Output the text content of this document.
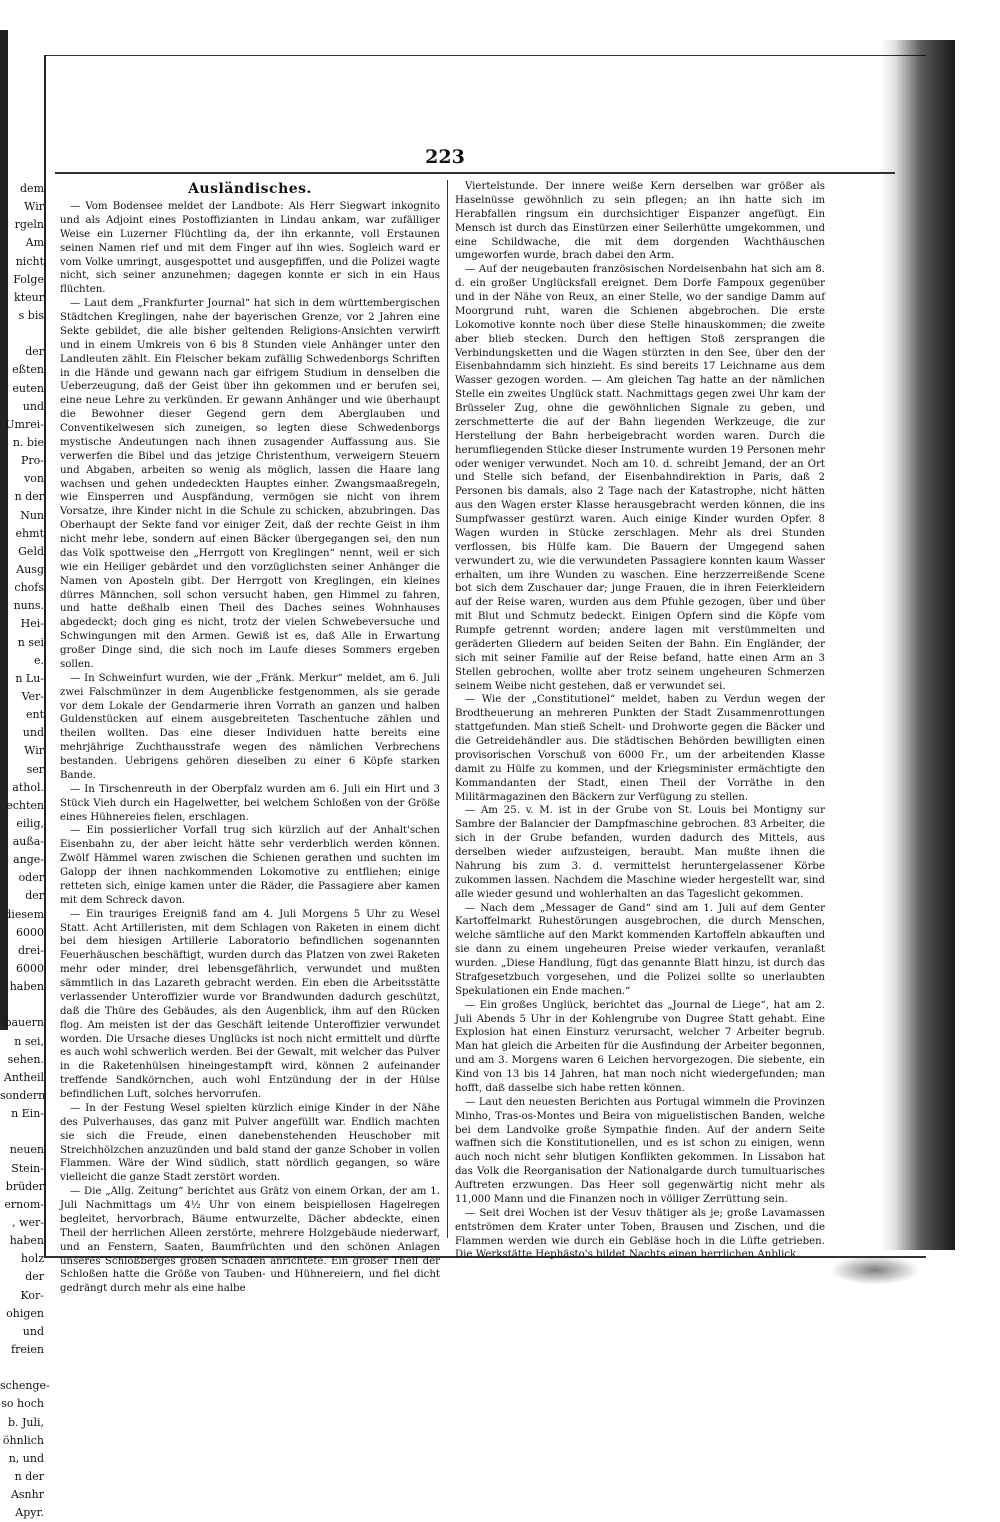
dem
Wir
rgeln
Am
nicht
Folge
kteur
s bis
der
eßten
euten
und
Umrei-
n. bie
Pro-
von
n der
Nun
ehmt
Geld
Ausg
chofs
nuns.
Hei-
n sei
e.
n Lu-
Ver-
ent
und
Wir
ser
athol.
echten
eilig,
außa-
ange-
oder
der
diesem
6000
drei-
6000
haben
bauern
n sei,
sehen.
Antheil
sondern
n Ein-
neuen
Stein-
brüder
ernom-
, wer-
haben
holz
der
Kor-
ohigen
und
freien
schenge-
so hoch
b. Juli,
öhnlich
n, und
n der
Asnhr
Apyr.
223
Ausländisches.

— Vom Bodensee meldet der Landbote: Als Herr Siegwart inkognito und als Adjoint eines Postoffizianten in Lindau ankam, war zufälliger Weise ein Luzerner Flüchtling da, der ihn erkannte, voll Erstaunen seinen Namen rief und mit dem Finger auf ihn wies. Sogleich ward er vom Volke umringt, ausgespottet und ausgepfiffen, und die Polizei wagte nicht, sich seiner anzunehmen; dagegen konnte er sich in ein Haus flüchten.

— Laut dem „Frankfurter Journal“ hat sich in dem württembergischen Städtchen Kreglingen, nahe der bayerischen Grenze, vor 2 Jahren eine Sekte gebildet, die alle bisher geltenden Religions-Ansichten verwirft und in einem Umkreis von 6 bis 8 Stunden viele Anhänger unter den Landleuten zählt. Ein Fleischer bekam zufällig Schwedenborgs Schriften in die Hände und gewann nach gar eifrigem Studium in denselben die Ueberzeugung, daß der Geist über ihn gekommen und er berufen sei, eine neue Lehre zu verkünden. Er gewann Anhänger und wie überhaupt die Bewohner dieser Gegend gern dem Aberglauben und Conventikelwesen sich zuneigen, so legten diese Schwedenborgs mystische Andeutungen nach ihnen zusagender Auffassung aus. Sie verwerfen die Bibel und das jetzige Christenthum, verweigern Steuern und Abgaben, arbeiten so wenig als möglich, lassen die Haare lang wachsen und gehen undedeckten Hauptes einher. Zwangsmaaßregeln, wie Einsperren und Auspfändung, vermögen sie nicht von ihrem Vorsatze, ihre Kinder nicht in die Schule zu schicken, abzubringen. Das Oberhaupt der Sekte fand vor einiger Zeit, daß der rechte Geist in ihm nicht mehr lebe, sondern auf einen Bäcker übergegangen sei, den nun das Volk spottweise den „Herrgott von Kreglingen“ nennt, weil er sich wie ein Heiliger gebärdet und den vorzüglichsten seiner Anhänger die Namen von Aposteln gibt. Der Herrgott von Kreglingen, ein kleines dürres Männchen, soll schon versucht haben, gen Himmel zu fahren, und hatte deßhalb einen Theil des Daches seines Wohnhauses abgedeckt; doch ging es nicht, trotz der vielen Schwebeversuche und Schwingungen mit den Armen. Gewiß ist es, daß Alle in Erwartung großer Dinge sind, die sich noch im Laufe dieses Sommers ergeben sollen.

— In Schweinfurt wurden, wie der „Fränk. Merkur“ meldet, am 6. Juli zwei Falschmünzer in dem Augenblicke festgenommen, als sie gerade vor dem Lokale der Gendarmerie ihren Vorrath an ganzen und halben Guldenstücken auf einem ausgebreiteten Taschentuche zählen und theilen wollten. Das eine dieser Individuen hatte bereits eine mehrjährige Zuchthausstrafe wegen des nämlichen Verbrechens bestanden. Uebrigens gehören dieselben zu einer 6 Köpfe starken Bande.

— In Tirschenreuth in der Oberpfalz wurden am 6. Juli ein Hirt und 3 Stück Vieh durch ein Hagelwetter, bei welchem Schloßen von der Größe eines Hühnereies fielen, erschlagen.

— Ein possierlicher Vorfall trug sich kürzlich auf der Anhalt'schen Eisenbahn zu, der aber leicht hätte sehr verderblich werden können. Zwölf Hämmel waren zwischen die Schienen gerathen und suchten im Galopp der ihnen nachkommenden Lokomotive zu entfliehen; einige retteten sich, einige kamen unter die Räder, die Passagiere aber kamen mit dem Schreck davon.

— Ein trauriges Ereigniß fand am 4. Juli Morgens 5 Uhr zu Wesel Statt. Acht Artilleristen, mit dem Schlagen von Raketen in einem dicht bei dem hiesigen Artillerie Laboratorio befindlichen sogenannten Feuerhäuschen beschäftigt, wurden durch das Platzen von zwei Raketen mehr oder minder, drei lebensgefährlich, verwundet und mußten sämmtlich in das Lazareth gebracht werden. Ein eben die Arbeitsstätte verlassender Unteroffizier wurde vor Brandwunden dadurch geschützt, daß die Thüre des Gebäudes, als den Augenblick, ihm auf den Rücken flog. Am meisten ist der das Geschäft leitende Unteroffizier verwundet worden. Die Ursache dieses Unglücks ist noch nicht ermittelt und dürfte es auch wohl schwerlich werden. Bei der Gewalt, mit welcher das Pulver in die Raketenhülsen hineingestampft wird, können 2 aufeinander treffende Sandkörnchen, auch wohl Entzündung der in der Hülse befindlichen Luft, solches hervorrufen.

— In der Festung Wesel spielten kürzlich einige Kinder in der Nähe des Pulverhauses, das ganz mit Pulver angefüllt war. Endlich machten sie sich die Freude, einen danebenstehenden Heuschober mit Streichhölzchen anzuzünden und bald stand der ganze Schober in vollen Flammen. Wäre der Wind südlich, statt nördlich gegangen, so wäre vielleicht die ganze Stadt zerstört worden.

— Die „Allg. Zeitung“ berichtet aus Grätz von einem Orkan, der am 1. Juli Nachmittags um 4½ Uhr von einem beispiellosen Hagelregen begleitet, hervorbrach, Bäume entwurzelte, Dächer abdeckte, einen Theil der herrlichen Alleen zerstörte, mehrere Holzgebäude niederwarf, und an Fenstern, Saaten, Baumfrüchten und den schönen Anlagen unseres Schloßberges großen Schaden anrichtete. Ein großer Theil der Schloßen hatte die Größe von Tauben- und Hühnereiern, und fiel dicht gedrängt durch mehr als eine halbe

Viertelstunde. Der innere weiße Kern derselben war größer als Haselnüsse gewöhnlich zu sein pflegen; an ihn hatte sich im Herabfallen ringsum ein durchsichtiger Eispanzer angefügt. Ein Mensch ist durch das Einstürzen einer Seilerhütte umgekommen, und eine Schildwache, die mit dem dorgenden Wachthäuschen umgeworfen wurde, brach dabei den Arm.

— Auf der neugebauten französischen Nordeisenbahn hat sich am 8. d. ein großer Unglücksfall ereignet. Dem Dorfe Fampoux gegenüber und in der Nähe von Reux, an einer Stelle, wo der sandige Damm auf Moorgrund ruht, waren die Schienen abgebrochen. Die erste Lokomotive konnte noch über diese Stelle hinauskommen; die zweite aber blieb stecken. Durch den heftigen Stoß zersprangen die Verbindungsketten und die Wagen stürzten in den See, über den der Eisenbahndamm sich hinzieht. Es sind bereits 17 Leichname aus dem Wasser gezogen worden. — Am gleichen Tag hatte an der nämlichen Stelle ein zweites Unglück statt. Nachmittags gegen zwei Uhr kam der Brüsseler Zug, ohne die gewöhnlichen Signale zu geben, und zerschmetterte die auf der Bahn liegenden Werkzeuge, die zur Herstellung der Bahn herbeigebracht worden waren. Durch die herumfliegenden Stücke dieser Instrumente wurden 19 Personen mehr oder weniger verwundet. Noch am 10. d. schreibt Jemand, der an Ort und Stelle sich befand, der Eisenbahndirektion in Paris, daß 2 Personen bis damals, also 2 Tage nach der Katastrophe, nicht hätten aus den Wagen erster Klasse herausgebracht werden können, die ins Sumpfwasser gestürzt waren. Auch einige Kinder wurden Opfer. 8 Wagen wurden in Stücke zerschlagen. Mehr als drei Stunden verflossen, bis Hülfe kam. Die Bauern der Umgegend sahen verwundert zu, wie die verwundeten Passagiere konnten kaum Wasser erhalten, um ihre Wunden zu waschen. Eine herzzerreißende Scene bot sich dem Zuschauer dar; junge Frauen, die in ihren Feierkleidern auf der Reise waren, wurden aus dem Pfuhle gezogen, über und über mit Blut und Schmutz bedeckt. Einigen Opfern sind die Köpfe vom Rumpfe getrennt worden; andere lagen mit verstümmelten und geräderten Gliedern auf beiden Seiten der Bahn. Ein Engländer, der sich mit seiner Familie auf der Reise befand, hatte einen Arm an 3 Stellen gebrochen, wollte aber trotz seinem ungeheuren Schmerzen seinem Weibe nicht gestehen, daß er verwundet sei.

— Wie der „Constitutionel“ meldet, haben zu Verdun wegen der Brodtheuerung an mehreren Punkten der Stadt Zusammenrottungen stattgefunden. Man stieß Schelt- und Drohworte gegen die Bäcker und die Getreidehändler aus. Die städtischen Behörden bewilligten einen provisorischen Vorschuß von 6000 Fr., um der arbeitenden Klasse damit zu Hülfe zu kommen, und der Kriegsminister ermächtigte den Kommandanten der Stadt, einen Theil der Vorräthe in den Militärmagazinen den Bäckern zur Verfügung zu stellen.

— Am 25. v. M. ist in der Grube von St. Louis bei Montigny sur Sambre der Balancier der Dampfmaschine gebrochen. 83 Arbeiter, die sich in der Grube befanden, wurden dadurch des Mittels, aus derselben wieder aufzusteigen, beraubt. Man mußte ihnen die Nahrung bis zum 3. d. vermittelst heruntergelassener Körbe zukommen lassen. Nachdem die Maschine wieder hergestellt war, sind alle wieder gesund und wohlerhalten an das Tageslicht gekommen.

— Nach dem „Messager de Gand“ sind am 1. Juli auf dem Genter Kartoffelmarkt Ruhestörungen ausgebrochen, die durch Menschen, welche sämtliche auf den Markt kommenden Kartoffeln abkauften und sie dann zu einem ungeheuren Preise wieder verkaufen, veranlaßt wurden. „Diese Handlung, fügt das genannte Blatt hinzu, ist durch das Strafgesetzbuch vorgesehen, und die Polizei sollte so unerlaubten Spekulationen ein Ende machen.“

— Ein großes Unglück, berichtet das „Journal de Liege“, hat am 2. Juli Abends 5 Uhr in der Kohlengrube von Dugree Statt gehabt. Eine Explosion hat einen Einsturz verursacht, welcher 7 Arbeiter begrub. Man hat gleich die Arbeiten für die Ausfindung der Arbeiter begonnen, und am 3. Morgens waren 6 Leichen hervorgezogen. Die siebente, ein Kind von 13 bis 14 Jahren, hat man noch nicht wiedergefunden; man hofft, daß dasselbe sich habe retten können.

— Laut den neuesten Berichten aus Portugal wimmeln die Provinzen Minho, Tras-os-Montes und Beira von miguelistischen Banden, welche bei dem Landvolke große Sympathie finden. Auf der andern Seite waffnen sich die Konstitutionellen, und es ist schon zu einigen, wenn auch noch nicht sehr blutigen Konflikten gekommen. In Lissabon hat das Volk die Reorganisation der Nationalgarde durch tumultuarisches Auftreten erzwungen. Das Heer soll gegenwärtig nicht mehr als 11,000 Mann und die Finanzen noch in völliger Zerrüttung sein.

— Seit drei Wochen ist der Vesuv thätiger als je; große Lavamassen entströmen dem Krater unter Toben, Brausen und Zischen, und die Flammen werden wie durch ein Gebläse hoch in die Lüfte getrieben. Die Werkstätte Hephästo's bildet Nachts einen herrlichen Anblick.
